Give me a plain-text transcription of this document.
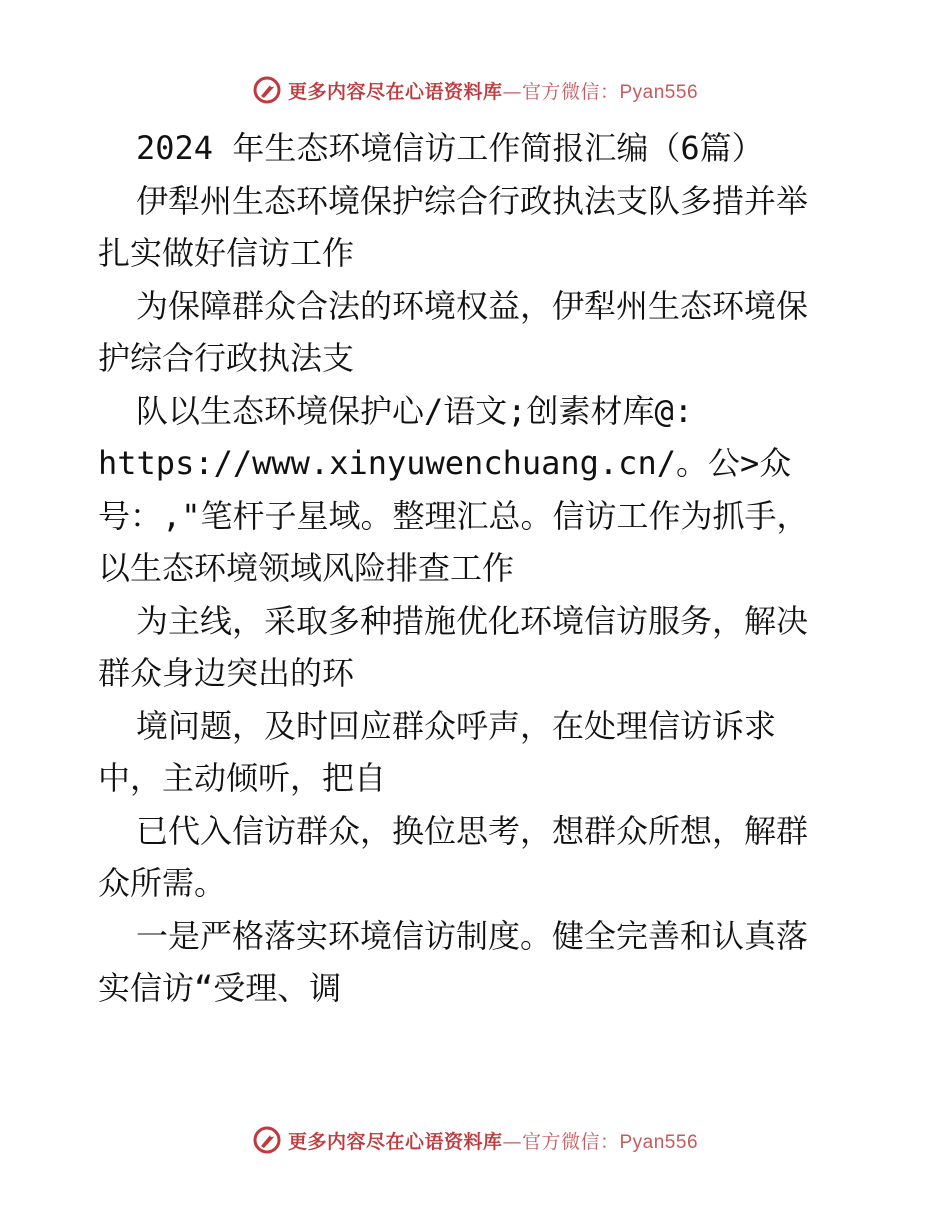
更多内容尽在心语资料库—官方微信：Pyan556
2024 年生态环境信访工作简报汇编（6篇）
伊犁州生态环境保护综合行政执法支队多措并举
扎实做好信访工作
为保障群众合法的环境权益，伊犁州生态环境保
护综合行政执法支
队以生态环境保护心/语文;创素材库@:
https://www.xinyuwenchuang.cn/。公>众
号：,"笔杆子星域。整理汇总。信访工作为抓手，
以生态环境领域风险排查工作
为主线，采取多种措施优化环境信访服务，解决
群众身边突出的环
境问题，及时回应群众呼声，在处理信访诉求
中，主动倾听，把自
已代入信访群众，换位思考，想群众所想，解群
众所需。
一是严格落实环境信访制度。健全完善和认真落
实信访“受理、调
更多内容尽在心语资料库—官方微信：Pyan556
